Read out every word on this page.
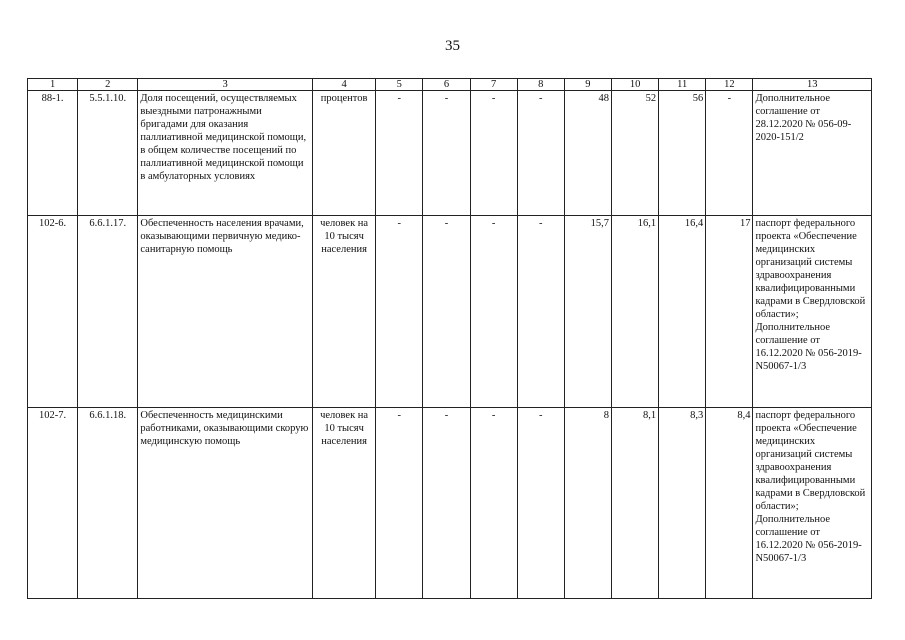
35
1	2	3	4	5	6	7	8	9	10	11	12	13
88-1.	5.5.1.10.	Доля посещений, осуществляемых выездными патронажными бригадами для оказания паллиативной медицинской помощи, в общем количестве посещений по паллиативной медицинской помощи в амбулаторных условиях	процентов	-	-	-	-	48	52	56	-	Дополнительное соглашение от 28.12.2020 № 056-09-2020-151/2
102-6.	6.6.1.17.	Обеспеченность населения врачами, оказывающими первичную медико-санитарную помощь	человек на 10 тысяч населения	-	-	-	-	15,7	16,1	16,4	17	паспорт федерального проекта «Обеспечение медицинских организаций системы здравоохранения квалифицированными кадрами в Свердловской области»; Дополнительное соглашение от 16.12.2020 № 056-2019-N50067-1/3
102-7.	6.6.1.18.	Обеспеченность медицинскими работниками, оказывающими скорую медицинскую помощь	человек на 10 тысяч населения	-	-	-	-	8	8,1	8,3	8,4	паспорт федерального проекта «Обеспечение медицинских организаций системы здравоохранения квалифицированными кадрами в Свердловской области»; Дополнительное соглашение от 16.12.2020 № 056-2019-N50067-1/3
